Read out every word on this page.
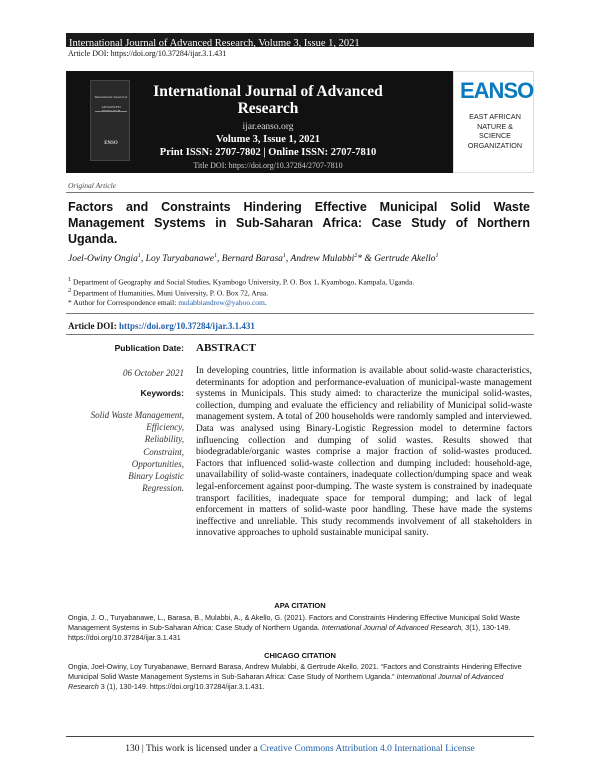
International Journal of Advanced Research, Volume 3, Issue 1, 2021
Article DOI: https://doi.org/10.37284/ijar.3.1.431
International Journal of
ADVANCED
ENSO
International Journal of Advanced Research
ijar.eanso.org
Volume 3, Issue 1, 2021
Print ISSN: 2707-7802 | Online ISSN: 2707-7810
Title DOI: https://doi.org/10.37284/2707-7810
EANSO
EAST AFRICAN
NATURE &
SCIENCE
ORGANIZATION
Original Article
Factors and Constraints Hindering Effective Municipal Solid Waste Management Systems in Sub-Saharan Africa: Case Study of Northern Uganda.
Joel-Owiny Ongia$^1$, Loy Turyabanawe$^1$, Bernard Barasa$^1$, Andrew Mulabbi$^2$* & Gertrude Akello$^1$
$^1$ Department of Geography and Social Studies, Kyambogo University, P. O. Box 1, Kyambogo, Kampala, Uganda.
$^2$ Department of Humanities, Muni University, P. O. Box 72, Arua.
* Author for Correspondence email: mulabbiandrew@yahoo.com.
Article DOI: https://doi.org/10.37284/ijar.3.1.431
Publication Date:
06 October 2021
Keywords:
Solid Waste Management,
Efficiency,
Reliability,
Constraint,
Opportunities,
Binary Logistic
Regression.
ABSTRACT
In developing countries, little information is available about solid-waste characteristics, determinants for adoption and performance-evaluation of municipal-waste management systems in Municipals. This study aimed: to characterize the municipal solid-wastes, collection, dumping and evaluate the efficiency and reliability of Municipal solid-waste management system. A total of 200 households were randomly sampled and interviewed. Data was analysed using Binary-Logistic Regression model to determine factors influencing collection and dumping of solid wastes. Results showed that biodegradable/organic wastes comprise a major fraction of solid-wastes produced. Factors that influenced solid-waste collection and dumping included: household-age, unavailability of solid-waste containers, inadequate collection/dumping space and weak legal-enforcement against poor-dumping. The waste system is constrained by inadequate transport facilities, inadequate space for temporal dumping; and lack of legal enforcement in matters of solid-waste poor handling. These have made the systems ineffective and unreliable. This study recommends involvement of all stakeholders in innovative approaches to uphold sustainable municipal sanity.
APA CITATION
Ongia, J. O., Turyabanawe, L., Barasa, B., Mulabbi, A., & Akello, G. (2021). Factors and Constraints Hindering Effective Municipal Solid Waste Management Systems in Sub-Saharan Africa: Case Study of Northern Uganda. International Journal of Advanced Research, 3(1), 130-149. https://doi.org/10.37284/ijar.3.1.431
CHICAGO CITATION
Ongia, Joel-Owiny, Loy Turyabanawe, Bernard Barasa, Andrew Mulabbi, & Gertrude Akello. 2021. “Factors and Constraints Hindering Effective Municipal Solid Waste Management Systems in Sub-Saharan Africa: Case Study of Northern Uganda.” International Journal of Advanced Research 3 (1), 130-149. https://doi.org/10.37284/ijar.3.1.431.
130 | This work is licensed under a Creative Commons Attribution 4.0 International License
